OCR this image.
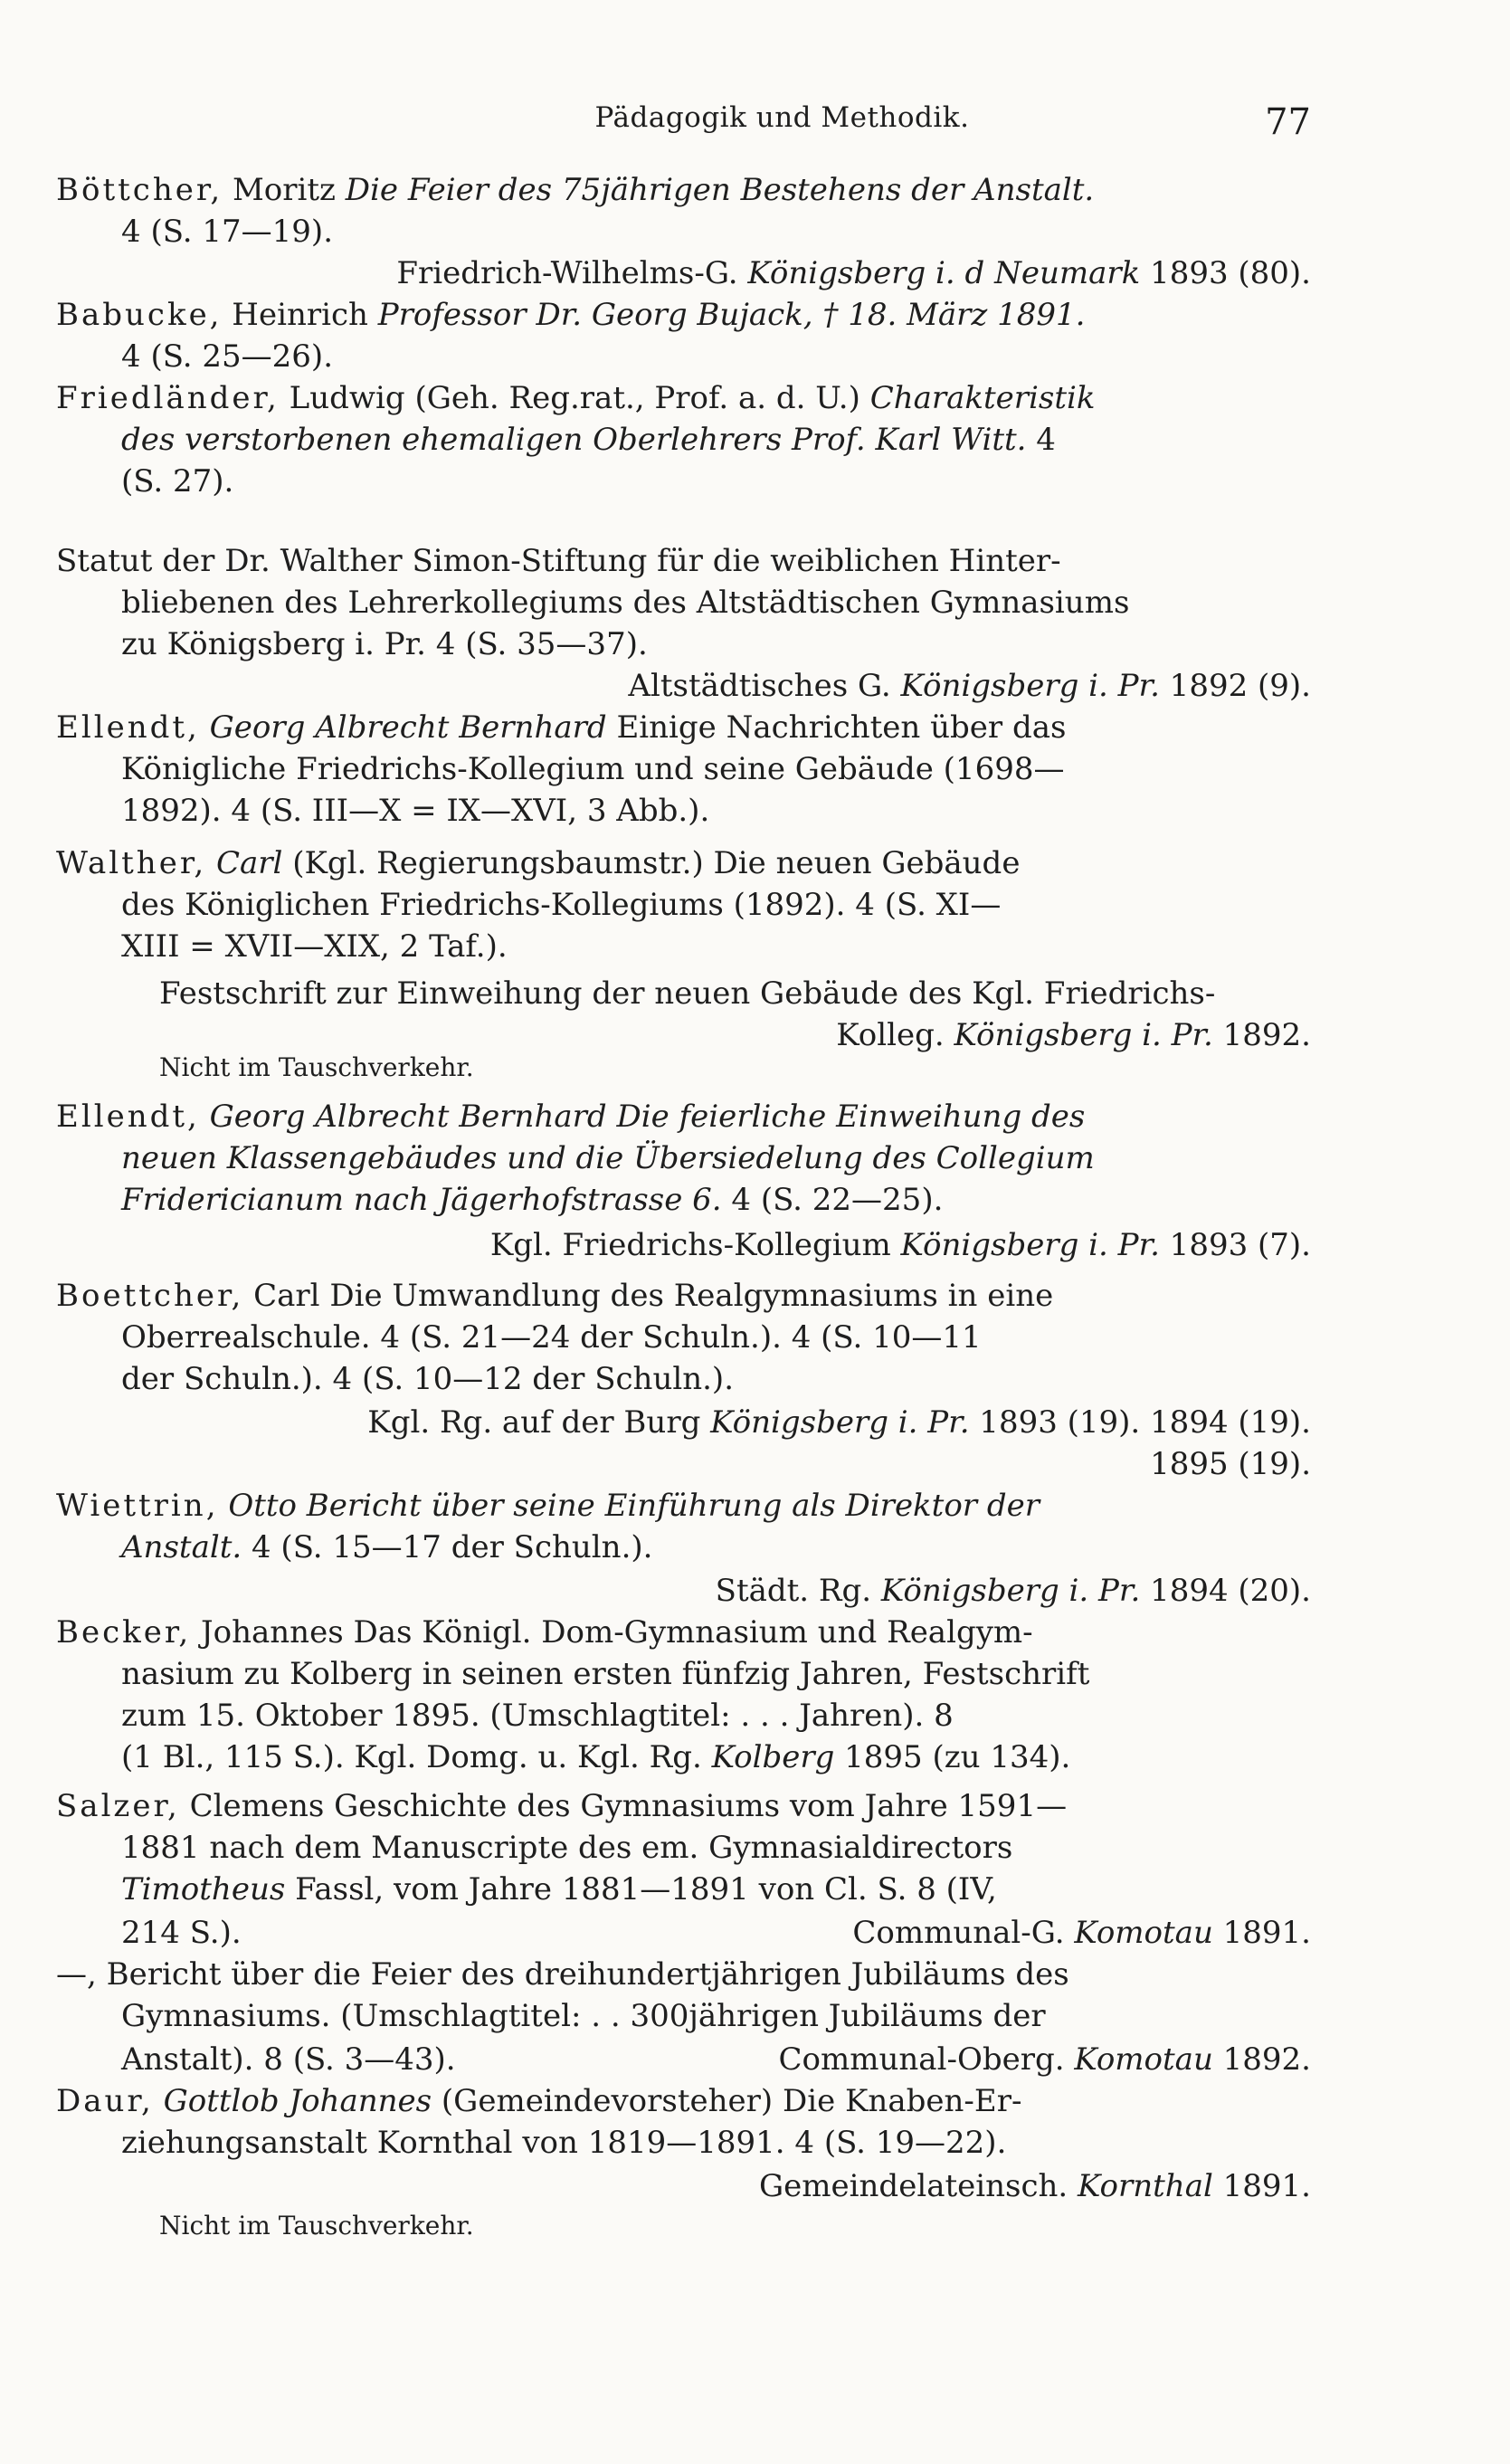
Pädagogik und Methodik.	77
Böttcher, Moritz Die Feier des 75jährigen Bestehens der Anstalt.
4 (S. 17—19).
Friedrich-Wilhelms-G. Königsberg i. d Neumark 1893 (80).
Babucke, Heinrich Professor Dr. Georg Bujack, † 18. März 1891.
4 (S. 25—26).
Friedländer, Ludwig (Geh. Reg.rat., Prof. a. d. U.) Charakteristik
des verstorbenen ehemaligen Oberlehrers Prof. Karl Witt. 4
(S. 27).
Statut der Dr. Walther Simon-Stiftung für die weiblichen Hinter-
bliebenen des Lehrerkollegiums des Altstädtischen Gymnasiums
zu Königsberg i. Pr. 4 (S. 35—37).
Altstädtisches G. Königsberg i. Pr. 1892 (9).
Ellendt, Georg Albrecht Bernhard Einige Nachrichten über das
Königliche Friedrichs-Kollegium und seine Gebäude (1698—
1892). 4 (S. III—X = IX—XVI, 3 Abb.).
Walther, Carl (Kgl. Regierungsbaumstr.) Die neuen Gebäude
des Königlichen Friedrichs-Kollegiums (1892). 4 (S. XI—
XIII = XVII—XIX, 2 Taf.).
Festschrift zur Einweihung der neuen Gebäude des Kgl. Friedrichs-
Kolleg. Königsberg i. Pr. 1892.
Nicht im Tauschverkehr.
Ellendt, Georg Albrecht Bernhard Die feierliche Einweihung des
neuen Klassengebäudes und die Übersiedelung des Collegium
Fridericianum nach Jägerhofstrasse 6. 4 (S. 22—25).
Kgl. Friedrichs-Kollegium Königsberg i. Pr. 1893 (7).
Boettcher, Carl Die Umwandlung des Realgymnasiums in eine
Oberrealschule. 4 (S. 21—24 der Schuln.). 4 (S. 10—11
der Schuln.). 4 (S. 10—12 der Schuln.).
Kgl. Rg. auf der Burg Königsberg i. Pr. 1893 (19). 1894 (19).
1895 (19).
Wiettrin, Otto Bericht über seine Einführung als Direktor der
Anstalt. 4 (S. 15—17 der Schuln.).
Städt. Rg. Königsberg i. Pr. 1894 (20).
Becker, Johannes Das Königl. Dom-Gymnasium und Realgym-
nasium zu Kolberg in seinen ersten fünfzig Jahren, Festschrift
zum 15. Oktober 1895. (Umschlagtitel: . . . Jahren). 8
(1 Bl., 115 S.). Kgl. Domg. u. Kgl. Rg. Kolberg 1895 (zu 134).
Salzer, Clemens Geschichte des Gymnasiums vom Jahre 1591—
1881 nach dem Manuscripte des em. Gymnasialdirectors
Timotheus Fassl, vom Jahre 1881—1891 von Cl. S. 8 (IV,
214 S.).	Communal-G. Komotau 1891.
—, Bericht über die Feier des dreihundertjährigen Jubiläums des
Gymnasiums. (Umschlagtitel: . . 300jährigen Jubiläums der
Anstalt). 8 (S. 3—43).	Communal-Oberg. Komotau 1892.
Daur, Gottlob Johannes (Gemeindevorsteher) Die Knaben-Er-
ziehungsanstalt Kornthal von 1819—1891. 4 (S. 19—22).
Gemeindelateinsch. Kornthal 1891.
Nicht im Tauschverkehr.
